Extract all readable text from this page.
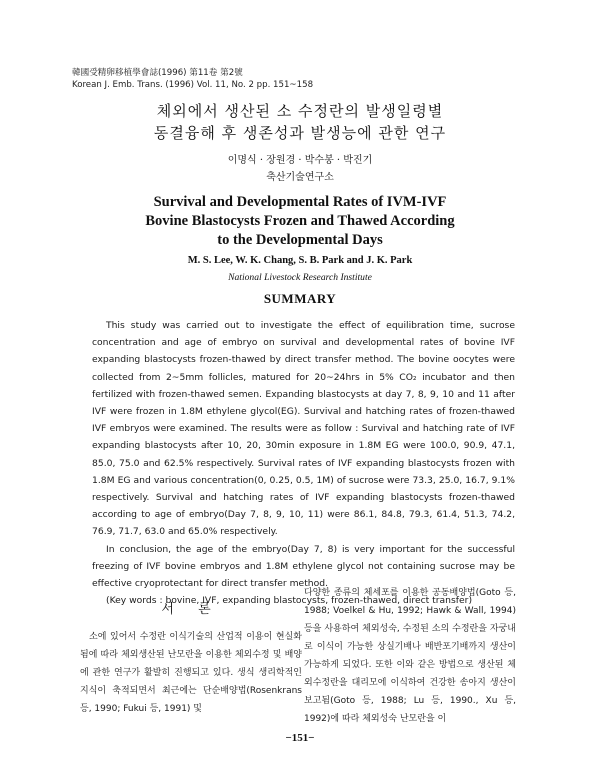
韓國受精卵移植學會誌(1996) 第11卷 第2號
Korean J. Emb. Trans. (1996) Vol. 11, No. 2 pp. 151~158
체외에서 생산된 소 수정란의 발생일령별
동결융해 후 생존성과 발생능에 관한 연구
이명식 · 장원경 · 박수봉 · 박진기
축산기술연구소
Survival and Developmental Rates of IVM-IVF
Bovine Blastocysts Frozen and Thawed According
to the Developmental Days
M. S. Lee, W. K. Chang, S. B. Park and J. K. Park
National Livestock Research Institute
SUMMARY

This study was carried out to investigate the effect of equilibration time, sucrose concentration and age of embryo on survival and developmental rates of bovine IVF expanding blastocysts frozen-thawed by direct transfer method. The bovine oocytes were collected from 2~5mm follicles, matured for 20~24hrs in 5% CO₂ incubator and then fertilized with frozen-thawed semen. Expanding blastocysts at day 7, 8, 9, 10 and 11 after IVF were frozen in 1.8M ethylene glycol(EG). Survival and hatching rates of frozen-thawed IVF embryos were examined. The results were as follow : Survival and hatching rate of IVF expanding blastocysts after 10, 20, 30min exposure in 1.8M EG were 100.0, 90.9, 47.1, 85.0, 75.0 and 62.5% respectively. Survival rates of IVF expanding blastocysts frozen with 1.8M EG and various concentration(0, 0.25, 0.5, 1M) of sucrose were 73.3, 25.0, 16.7, 9.1% respectively. Survival and hatching rates of IVF expanding blastocysts frozen-thawed according to age of embryo(Day 7, 8, 9, 10, 11) were 86.1, 84.8, 79.3, 61.4, 51.3, 74.2, 76.9, 71.7, 63.0 and 65.0% respectively.

In conclusion, the age of the embryo(Day 7, 8) is very important for the successful freezing of IVF bovine embryos and 1.8M ethylene glycol not containing sucrose may be effective cryoprotectant for direct transfer method.

(Key words : bovine, IVF, expanding blastocysts, frozen-thawed, direct transfer)

서 론

소에 있어서 수정란 이식기술의 산업적 이용이 현실화됨에 따라 체외생산된 난모란을 이용한 체외수정 및 배양에 관한 연구가 활발히 진행되고 있다. 생식 생리학적인 지식이 축적되면서 최근에는 단순배양법(Rosenkrans 등, 1990; Fukui 등, 1991) 및

다양한 종류의 체세포를 이용한 공동배양법(Goto 등, 1988; Voelkel & Hu, 1992; Hawk & Wall, 1994) 등을 사용하여 체외성숙, 수정된 소의 수정란을 자궁내로 이식이 가능한 상실기배나 배반포기배까지 생산이 가능하게 되었다. 또한 이와 같은 방법으로 생산된 체외수정란을 대리모에 이식하여 건강한 송아지 생산이 보고됨(Goto 등, 1988; Lu 등, 1990., Xu 등, 1992)에 따라 체외성숙 난모란을 이

−151−
